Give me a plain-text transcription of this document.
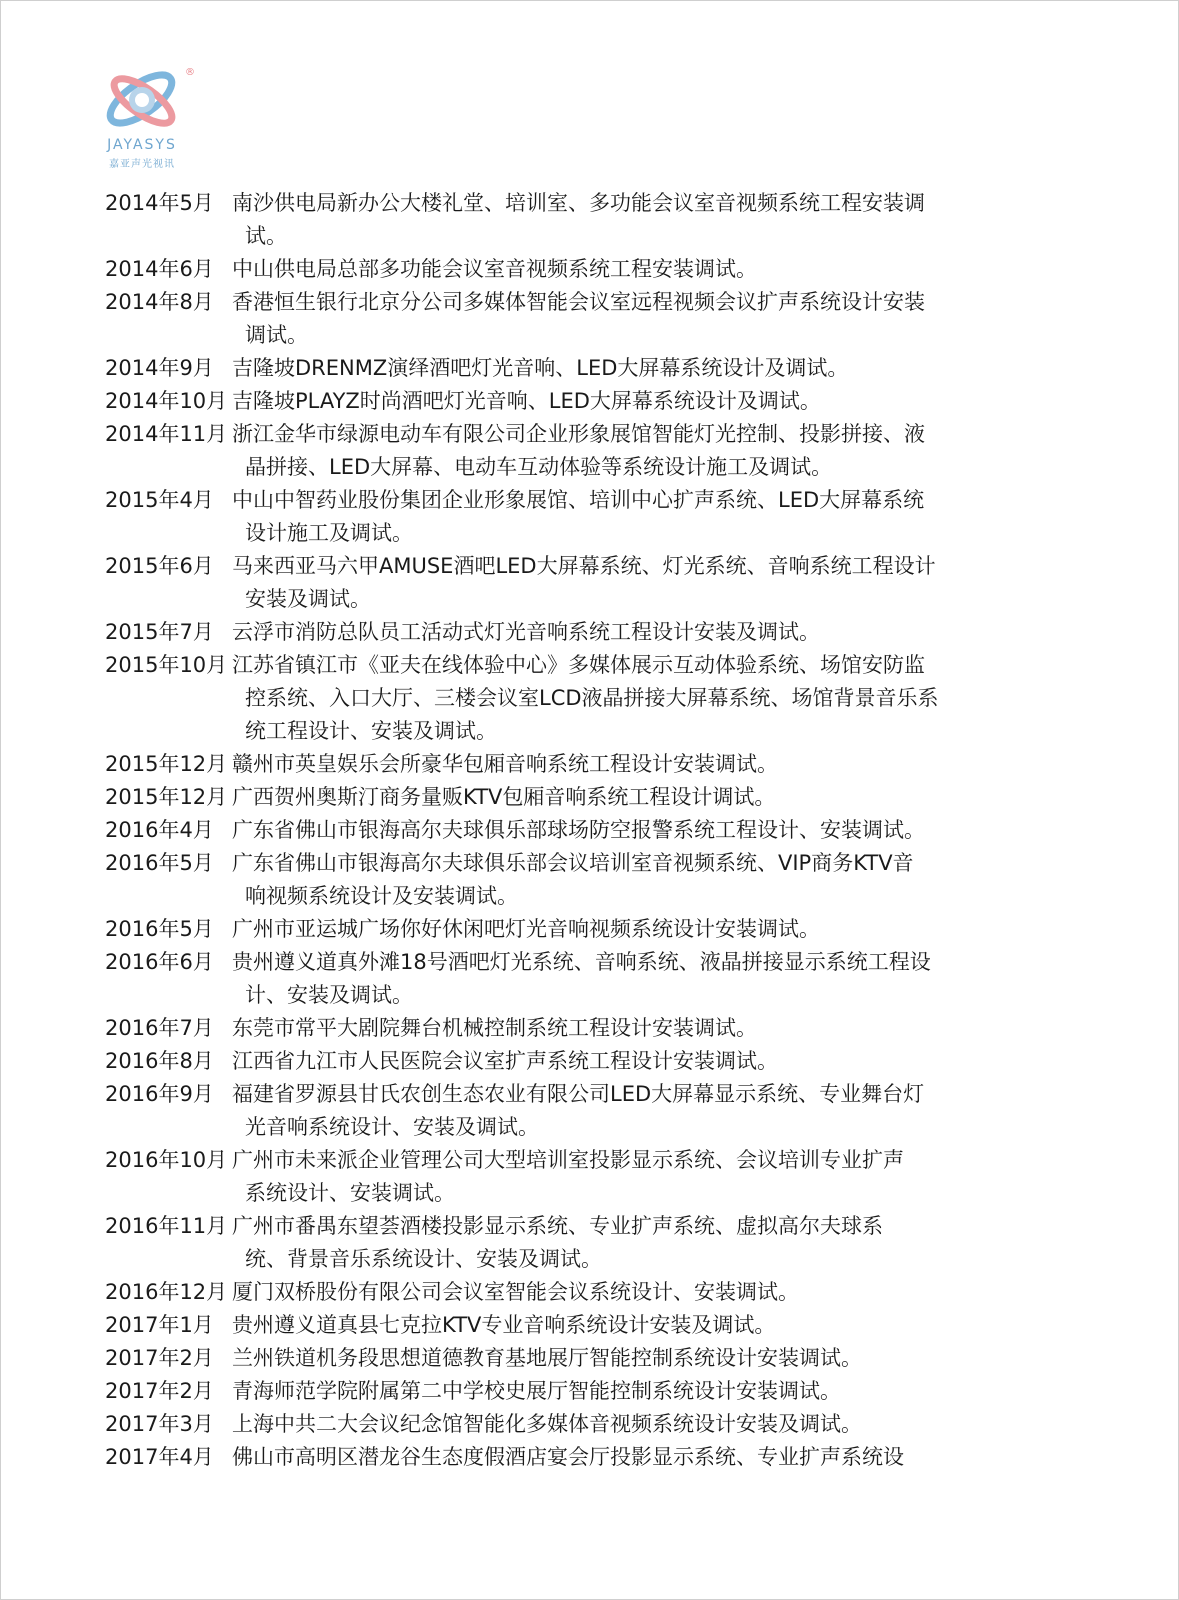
®
JAYASYS
嘉亚声光视讯
2014年5月 南沙供电局新办公大楼礼堂、培训室、多功能会议室音视频系统工程安装调
试。
2014年6月 中山供电局总部多功能会议室音视频系统工程安装调试。
2014年8月 香港恒生银行北京分公司多媒体智能会议室远程视频会议扩声系统设计安装
调试。
2014年9月 吉隆坡DRENMZ演绎酒吧灯光音响、LED大屏幕系统设计及调试。
2014年10月 吉隆坡PLAYZ时尚酒吧灯光音响、LED大屏幕系统设计及调试。
2014年11月 浙江金华市绿源电动车有限公司企业形象展馆智能灯光控制、投影拼接、液
晶拼接、LED大屏幕、电动车互动体验等系统设计施工及调试。
2015年4月 中山中智药业股份集团企业形象展馆、培训中心扩声系统、LED大屏幕系统
设计施工及调试。
2015年6月 马来西亚马六甲AMUSE酒吧LED大屏幕系统、灯光系统、音响系统工程设计
安装及调试。
2015年7月 云浮市消防总队员工活动式灯光音响系统工程设计安装及调试。
2015年10月 江苏省镇江市《亚夫在线体验中心》多媒体展示互动体验系统、场馆安防监
控系统、入口大厅、三楼会议室LCD液晶拼接大屏幕系统、场馆背景音乐系
统工程设计、安装及调试。
2015年12月 赣州市英皇娱乐会所豪华包厢音响系统工程设计安装调试。
2015年12月 广西贺州奥斯汀商务量贩KTV包厢音响系统工程设计调试。
2016年4月 广东省佛山市银海高尔夫球俱乐部球场防空报警系统工程设计、安装调试。
2016年5月 广东省佛山市银海高尔夫球俱乐部会议培训室音视频系统、VIP商务KTV音
响视频系统设计及安装调试。
2016年5月 广州市亚运城广场你好休闲吧灯光音响视频系统设计安装调试。
2016年6月 贵州遵义道真外滩18号酒吧灯光系统、音响系统、液晶拼接显示系统工程设
计、安装及调试。
2016年7月 东莞市常平大剧院舞台机械控制系统工程设计安装调试。
2016年8月 江西省九江市人民医院会议室扩声系统工程设计安装调试。
2016年9月 福建省罗源县甘氏农创生态农业有限公司LED大屏幕显示系统、专业舞台灯
光音响系统设计、安装及调试。
2016年10月 广州市未来派企业管理公司大型培训室投影显示系统、会议培训专业扩声
系统设计、安装调试。
2016年11月 广州市番禺东望荟酒楼投影显示系统、专业扩声系统、虚拟高尔夫球系
统、背景音乐系统设计、安装及调试。
2016年12月 厦门双桥股份有限公司会议室智能会议系统设计、安装调试。
2017年1月 贵州遵义道真县七克拉KTV专业音响系统设计安装及调试。
2017年2月 兰州铁道机务段思想道德教育基地展厅智能控制系统设计安装调试。
2017年2月 青海师范学院附属第二中学校史展厅智能控制系统设计安装调试。
2017年3月 上海中共二大会议纪念馆智能化多媒体音视频系统设计安装及调试。
2017年4月 佛山市高明区潜龙谷生态度假酒店宴会厅投影显示系统、专业扩声系统设
